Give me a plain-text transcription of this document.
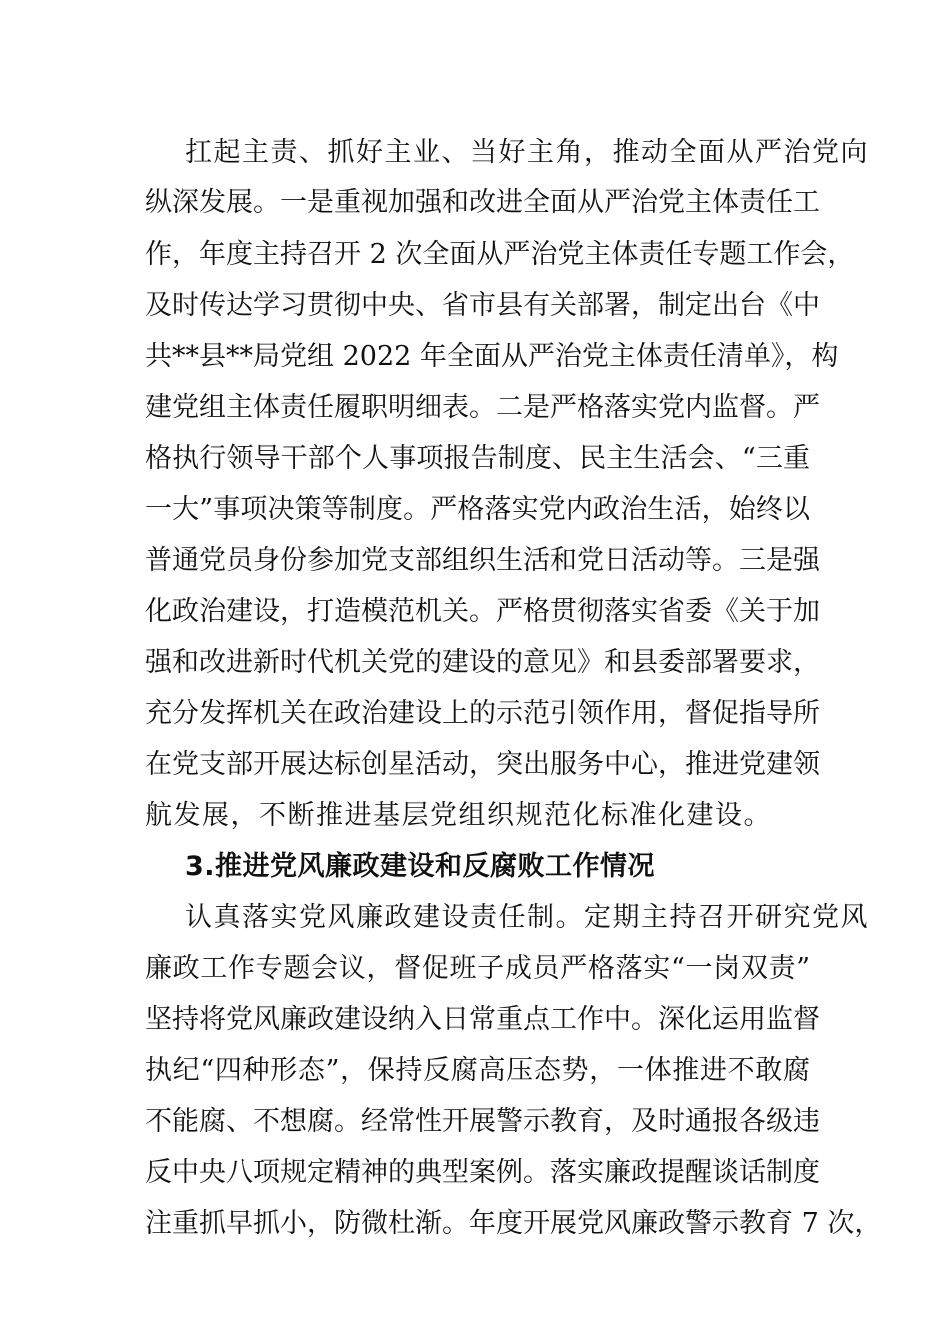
扛起主责、抓好主业、当好主角，推动全面从严治党向
纵深发展。一是重视加强和改进全面从严治党主体责任工
作，年度主持召开 2 次全面从严治党主体责任专题工作会，
及时传达学习贯彻中央、省市县有关部署，制定出台《中
共**县**局党组 2022 年全面从严治党主体责任清单》，构
建党组主体责任履职明细表。二是严格落实党内监督。严
格执行领导干部个人事项报告制度、民主生活会、“三重
一大”事项决策等制度。严格落实党内政治生活，始终以
普通党员身份参加党支部组织生活和党日活动等。三是强
化政治建设，打造模范机关。严格贯彻落实省委《关于加
强和改进新时代机关党的建设的意见》和县委部署要求，
充分发挥机关在政治建设上的示范引领作用，督促指导所
在党支部开展达标创星活动，突出服务中心，推进党建领
航发展，不断推进基层党组织规范化标准化建设。
3.推进党风廉政建设和反腐败工作情况
认真落实党风廉政建设责任制。定期主持召开研究党风
廉政工作专题会议，督促班子成员严格落实“一岗双责”
坚持将党风廉政建设纳入日常重点工作中。深化运用监督
执纪“四种形态”，保持反腐高压态势，一体推进不敢腐
不能腐、不想腐。经常性开展警示教育，及时通报各级违
反中央八项规定精神的典型案例。落实廉政提醒谈话制度
注重抓早抓小，防微杜渐。年度开展党风廉政警示教育 7 次，
